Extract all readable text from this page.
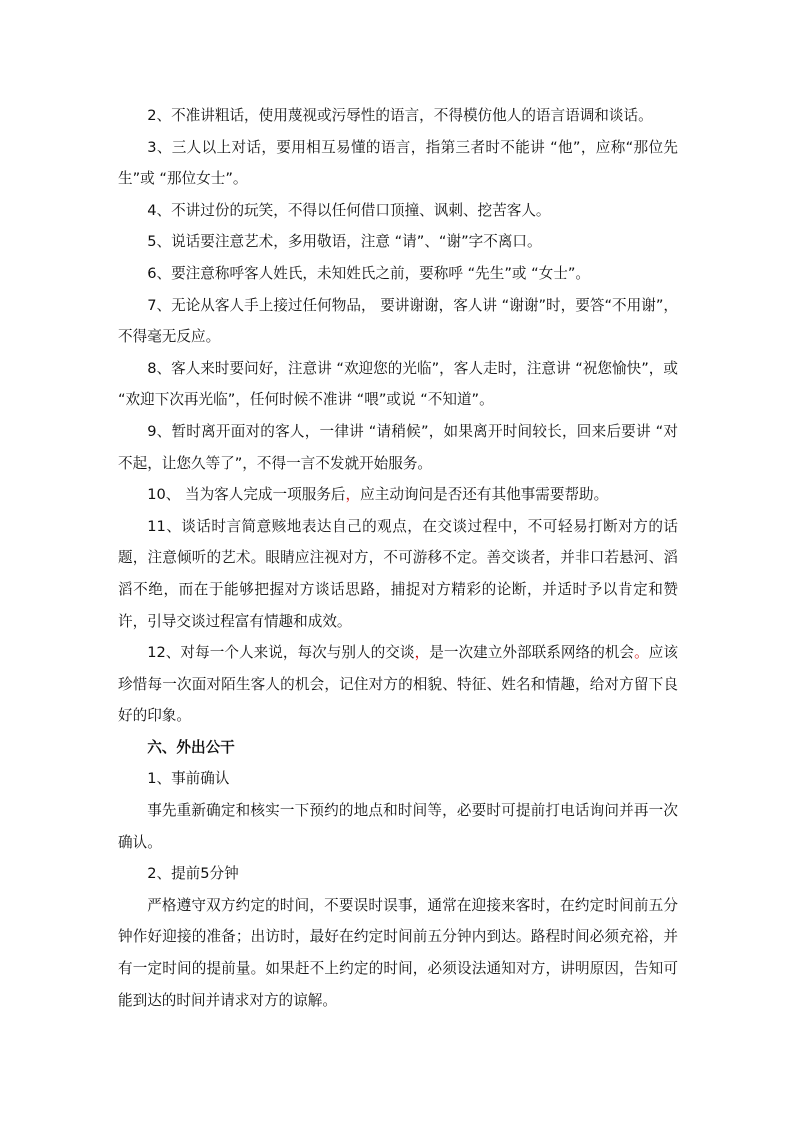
2、不准讲粗话，使用蔑视或污辱性的语言，不得模仿他人的语言语调和谈话。

3、三人以上对话，要用相互易懂的语言，指第三者时不能讲 “他”，应称“那位先生”或 “那位女士”。

4、不讲过份的玩笑，不得以任何借口顶撞、讽刺、挖苦客人。

5、说话要注意艺术，多用敬语，注意 “请”、“谢”字不离口。

6、要注意称呼客人姓氏，未知姓氏之前，要称呼 “先生”或 “女士”。

7、无论从客人手上接过任何物品， 要讲谢谢，客人讲 “谢谢”时，要答“不用谢”，不得毫无反应。

8、客人来时要问好，注意讲 “欢迎您的光临”，客人走时，注意讲 “祝您愉快”，或 “欢迎下次再光临”，任何时候不准讲 “喂”或说 “不知道”。

9、暂时离开面对的客人，一律讲 “请稍候”，如果离开时间较长，回来后要讲 “对不起，让您久等了”，不得一言不发就开始服务。

10、 当为客人完成一项服务后，应主动询问是否还有其他事需要帮助。

11、谈话时言简意赅地表达自己的观点，在交谈过程中，不可轻易打断对方的话题，注意倾听的艺术。眼睛应注视对方，不可游移不定。善交谈者，并非口若悬河、滔滔不绝，而在于能够把握对方谈话思路，捕捉对方精彩的论断，并适时予以肯定和赞许，引导交谈过程富有情趣和成效。

12、对每一个人来说，每次与别人的交谈，是一次建立外部联系网络的机会。应该珍惜每一次面对陌生客人的机会，记住对方的相貌、特征、姓名和情趣，给对方留下良好的印象。

六、外出公干

1、事前确认

事先重新确定和核实一下预约的地点和时间等，必要时可提前打电话询问并再一次确认。

2、提前5分钟

严格遵守双方约定的时间，不要误时误事，通常在迎接来客时，在约定时间前五分钟作好迎接的准备；出访时，最好在约定时间前五分钟内到达。路程时间必须充裕，并有一定时间的提前量。如果赶不上约定的时间，必须设法通知对方，讲明原因，告知可能到达的时间并请求对方的谅解。
